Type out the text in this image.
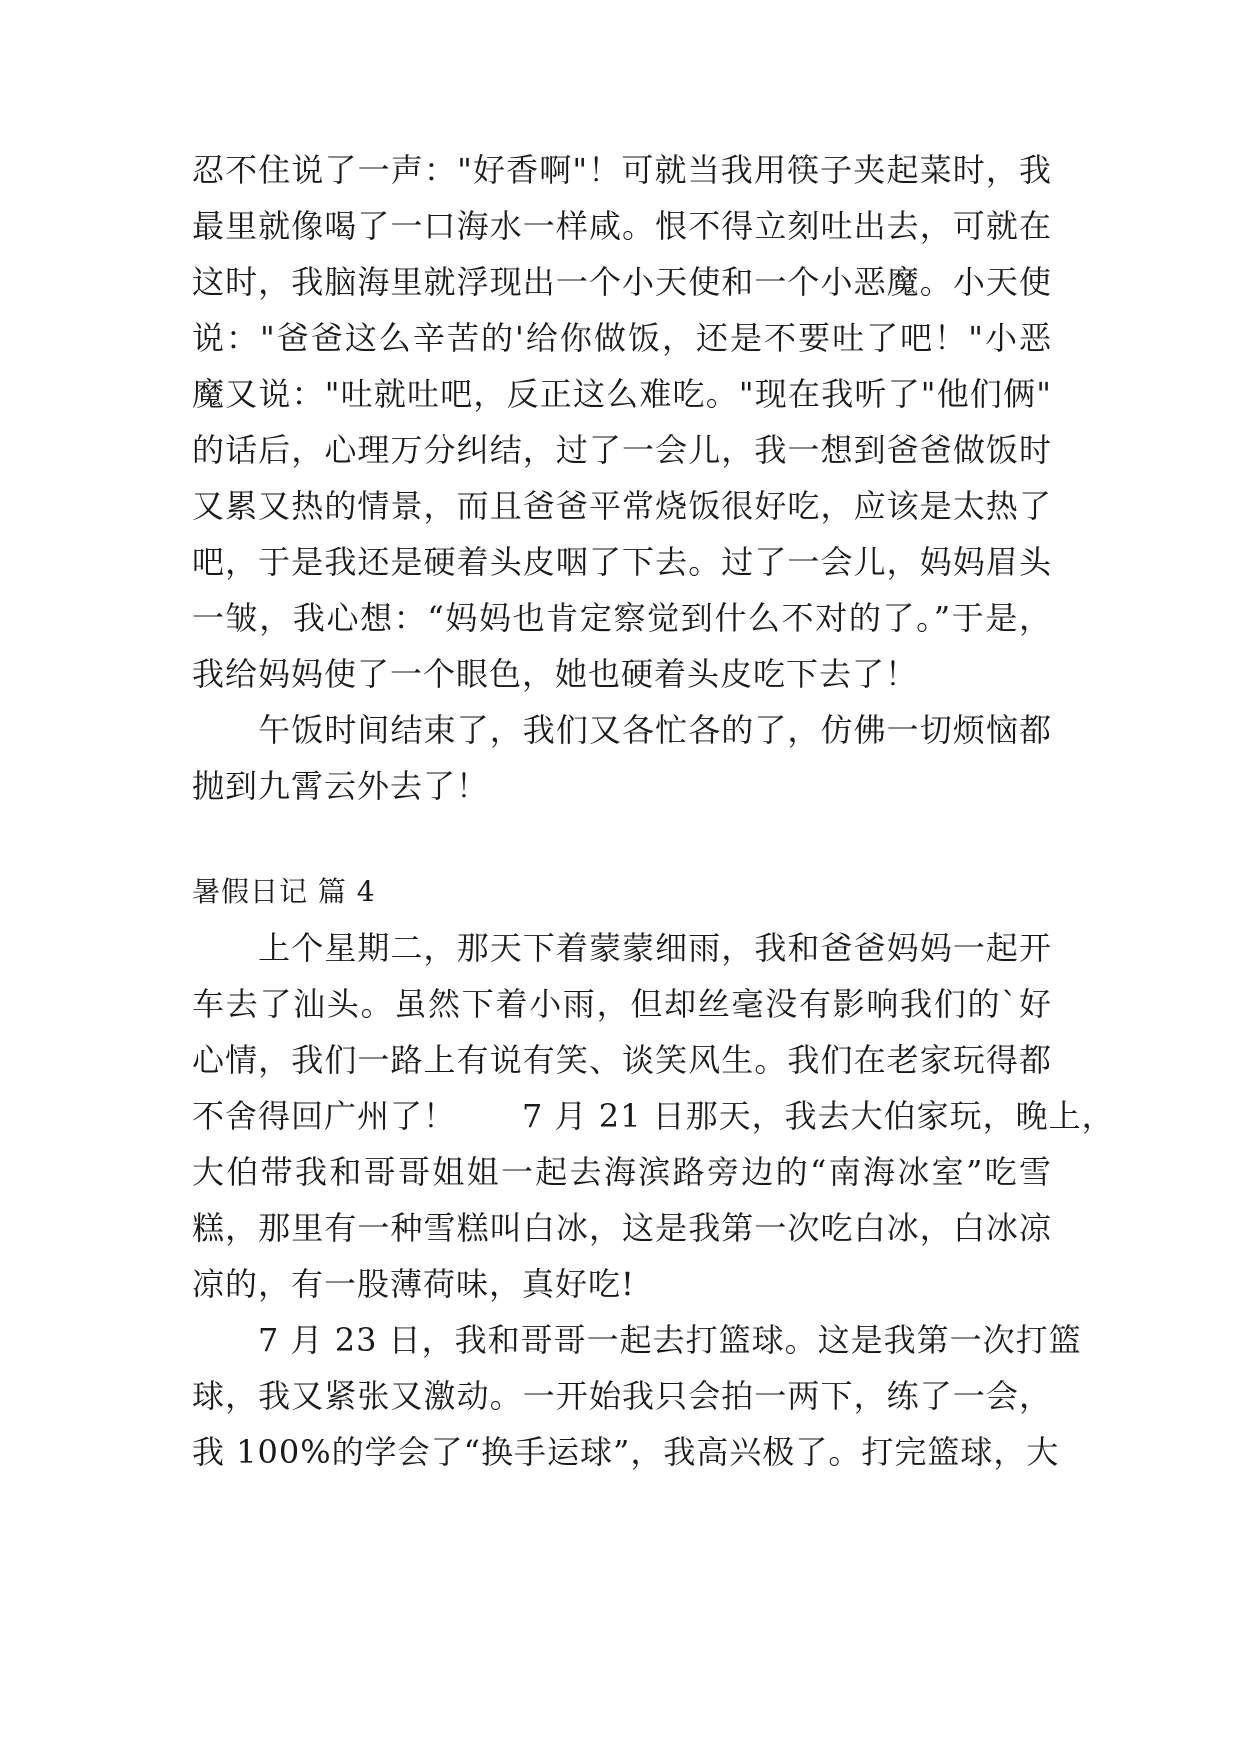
忍不住说了一声："好香啊"！可就当我用筷子夹起菜时，我
最里就像喝了一口海水一样咸。恨不得立刻吐出去，可就在
这时，我脑海里就浮现出一个小天使和一个小恶魔。小天使
说："爸爸这么辛苦的'给你做饭，还是不要吐了吧！"小恶
魔又说："吐就吐吧，反正这么难吃。"现在我听了"他们俩"
的话后，心理万分纠结，过了一会儿，我一想到爸爸做饭时
又累又热的情景，而且爸爸平常烧饭很好吃，应该是太热了
吧，于是我还是硬着头皮咽了下去。过了一会儿，妈妈眉头
一皱，我心想：“妈妈也肯定察觉到什么不对的了。”于是，
我给妈妈使了一个眼色，她也硬着头皮吃下去了！
　　午饭时间结束了，我们又各忙各的了，仿佛一切烦恼都
抛到九霄云外去了！
暑假日记 篇 4
　　上个星期二，那天下着蒙蒙细雨，我和爸爸妈妈一起开
车去了汕头。虽然下着小雨，但却丝毫没有影响我们的`好
心情，我们一路上有说有笑、谈笑风生。我们在老家玩得都
不舍得回广州了！　　7 月 21 日那天，我去大伯家玩，晚上，
大伯带我和哥哥姐姐一起去海滨路旁边的“南海冰室”吃雪
糕，那里有一种雪糕叫白冰，这是我第一次吃白冰，白冰凉
凉的，有一股薄荷味，真好吃!
　　7 月 23 日，我和哥哥一起去打篮球。这是我第一次打篮
球，我又紧张又激动。一开始我只会拍一两下，练了一会，
我 100%的学会了“换手运球”，我高兴极了。打完篮球，大
